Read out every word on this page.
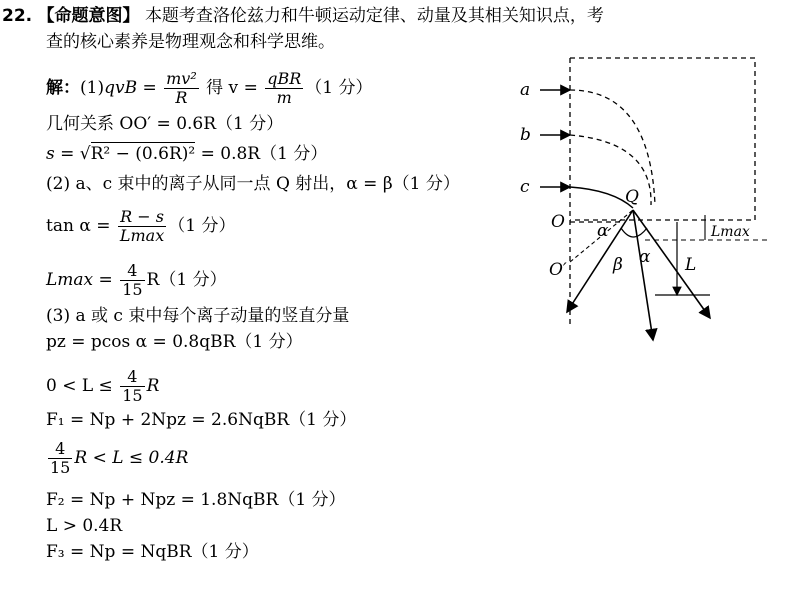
22. 【命题意图】 本题考查洛伦兹力和牛顿运动定律、动量及其相关知识点，考
查的核心素养是物理观念和科学思维。
解：$(1)qvB = \frac{\text{mv²}}{R}$ 得 $v = \frac{\text{qBR}}{m} (1$ 分）
几何关系 OO′ = 0.6R（1 分）
s = √R² − (0.6R)² = 0.8R（1 分）
(2) a、c 束中的离子从同一点 Q 射出，α = β（1 分）
$\tan \alpha = \frac{R - s}{Lmax} (1$ 分）
$Lmax = \frac{4}{15} R(1$ 分）
(3) a 或 c 束中每个离子动量的竖直分量
pz = pcos α = 0.8qBR（1 分）
$0 < L \le \frac{4}{15}$ R
F₁ = Np + 2Npz = 2.6NqBR（1 分）
$\frac{4}{15}$ R < L ≤ 0.4R
F₂ = Np + Npz = 1.8NqBR（1 分）
L > 0.4R
F₃ = Np = NqBR（1 分）
a
b
c
O
O′
Q
α
α
β	L
Lmax
